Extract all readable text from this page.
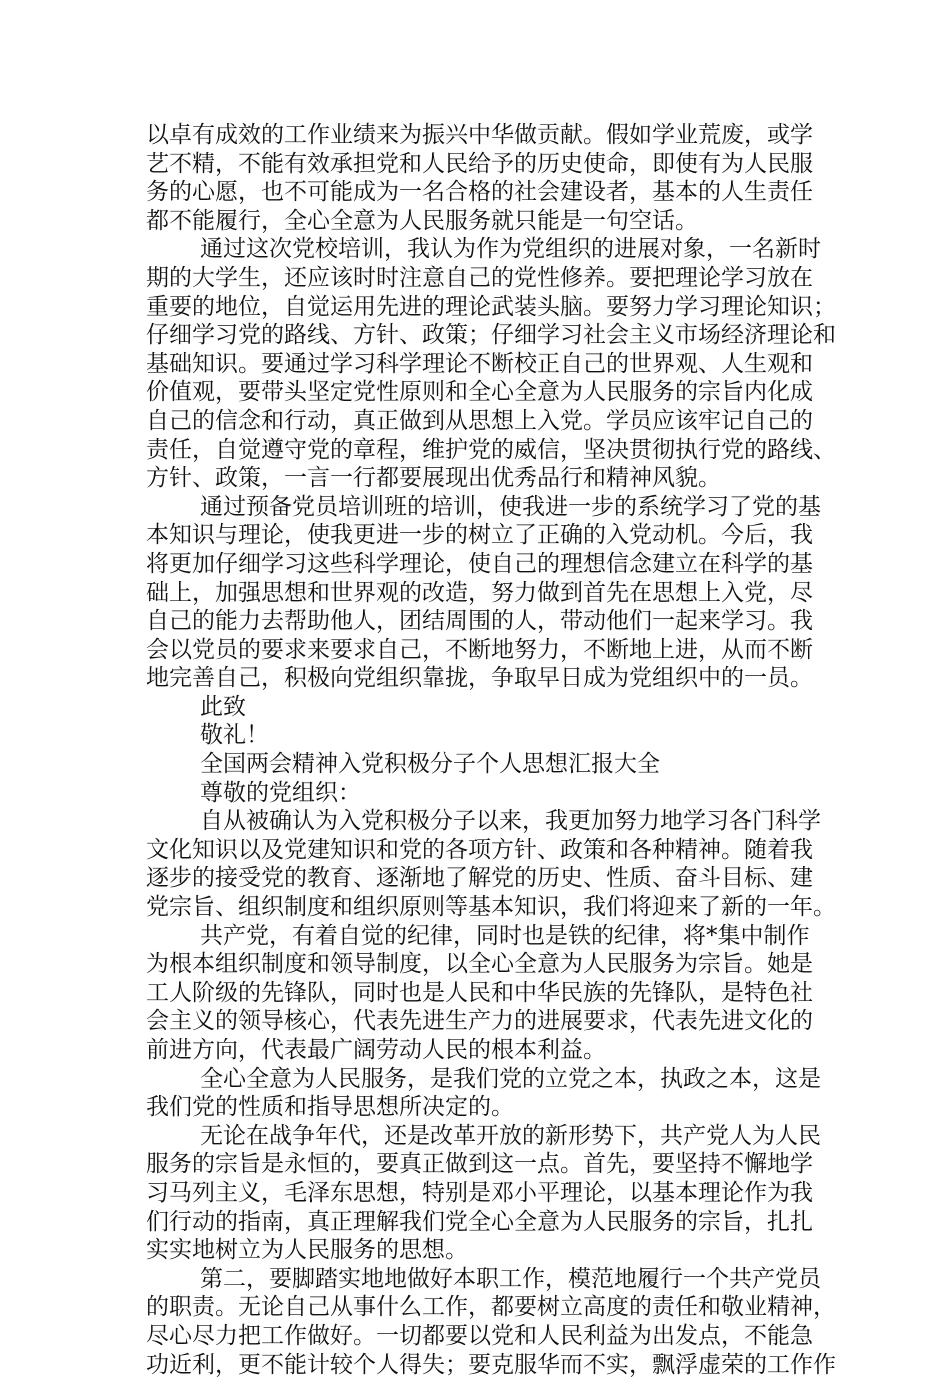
以卓有成效的工作业绩来为振兴中华做贡献。假如学业荒废，或学
艺不精，不能有效承担党和人民给予的历史使命，即使有为人民服
务的心愿，也不可能成为一名合格的社会建设者，基本的人生责任
都不能履行，全心全意为人民服务就只能是一句空话。
通过这次党校培训，我认为作为党组织的进展对象，一名新时
期的大学生，还应该时时注意自己的党性修养。要把理论学习放在
重要的地位，自觉运用先进的理论武装头脑。要努力学习理论知识；
仔细学习党的路线、方针、政策；仔细学习社会主义市场经济理论和
基础知识。要通过学习科学理论不断校正自己的世界观、人生观和
价值观，要带头坚定党性原则和全心全意为人民服务的宗旨内化成
自己的信念和行动，真正做到从思想上入党。学员应该牢记自己的
责任，自觉遵守党的章程，维护党的威信，坚决贯彻执行党的路线、
方针、政策，一言一行都要展现出优秀品行和精神风貌。
通过预备党员培训班的培训，使我进一步的系统学习了党的基
本知识与理论，使我更进一步的树立了正确的入党动机。今后，我
将更加仔细学习这些科学理论，使自己的理想信念建立在科学的基
础上，加强思想和世界观的改造，努力做到首先在思想上入党，尽
自己的能力去帮助他人，团结周围的人，带动他们一起来学习。我
会以党员的要求来要求自己，不断地努力，不断地上进，从而不断
地完善自己，积极向党组织靠拢，争取早日成为党组织中的一员。
此致
敬礼！
全国两会精神入党积极分子个人思想汇报大全
尊敬的党组织：
自从被确认为入党积极分子以来，我更加努力地学习各门科学
文化知识以及党建知识和党的各项方针、政策和各种精神。随着我
逐步的接受党的教育、逐渐地了解党的历史、性质、奋斗目标、建
党宗旨、组织制度和组织原则等基本知识，我们将迎来了新的一年。
共产党，有着自觉的纪律，同时也是铁的纪律，将*集中制作
为根本组织制度和领导制度，以全心全意为人民服务为宗旨。她是
工人阶级的先锋队，同时也是人民和中华民族的先锋队，是特色社
会主义的领导核心，代表先进生产力的进展要求，代表先进文化的
前进方向，代表最广阔劳动人民的根本利益。
全心全意为人民服务，是我们党的立党之本，执政之本，这是
我们党的性质和指导思想所决定的。
无论在战争年代，还是改革开放的新形势下，共产党人为人民
服务的宗旨是永恒的，要真正做到这一点。首先，要坚持不懈地学
习马列主义，毛泽东思想，特别是邓小平理论，以基本理论作为我
们行动的指南，真正理解我们党全心全意为人民服务的宗旨，扎扎
实实地树立为人民服务的思想。
第二，要脚踏实地地做好本职工作，模范地履行一个共产党员
的职责。无论自己从事什么工作，都要树立高度的责任和敬业精神，
尽心尽力把工作做好。一切都要以党和人民利益为出发点，不能急
功近利，更不能计较个人得失；要克服华而不实，飘浮虚荣的工作作
